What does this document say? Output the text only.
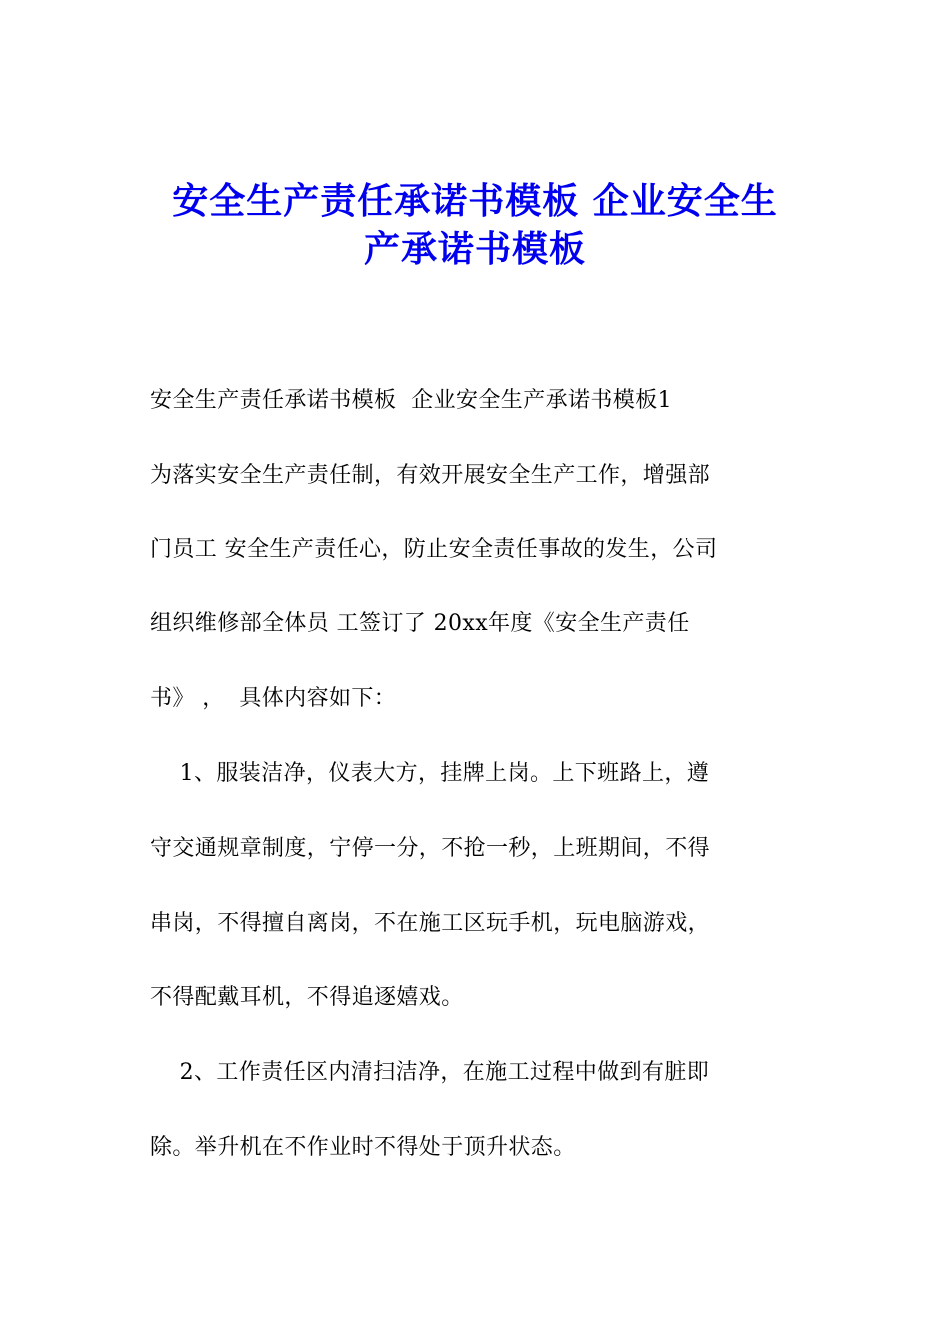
安全生产责任承诺书模板 企业安全生
产承诺书模板
安全生产责任承诺书模板  企业安全生产承诺书模板1
为落实安全生产责任制，有效开展安全生产工作，增强部
门员工 安全生产责任心，防止安全责任事故的发生，公司
组织维修部全体员 工签订了 20xx年度《安全生产责任
书》 ，  具体内容如下：
1、服装洁净，仪表大方，挂牌上岗。上下班路上，遵
守交通规章制度，宁停一分，不抢一秒，上班期间，不得
串岗，不得擅自离岗，不在施工区玩手机，玩电脑游戏，
不得配戴耳机，不得追逐嬉戏。
2、工作责任区内清扫洁净，在施工过程中做到有脏即
除。举升机在不作业时不得处于顶升状态。
